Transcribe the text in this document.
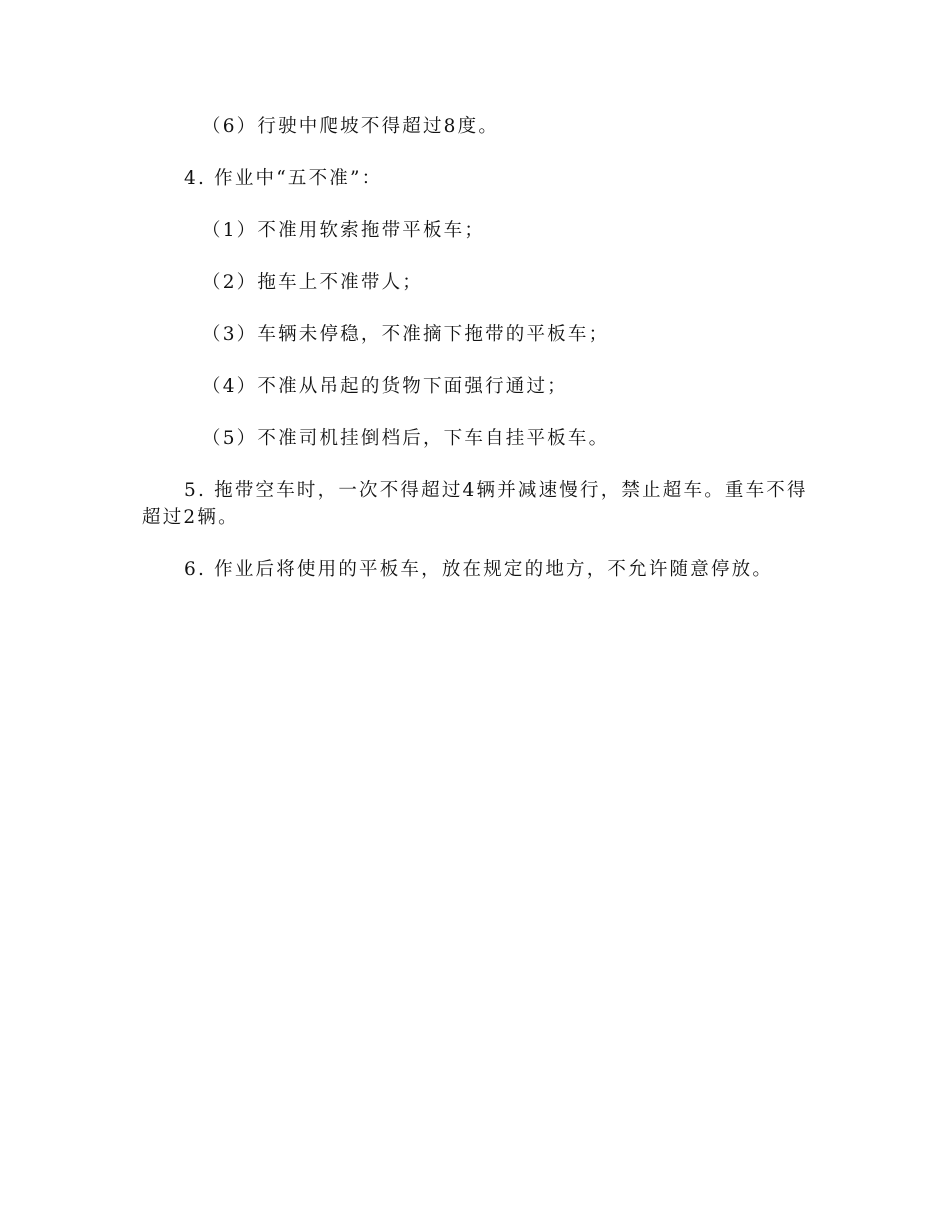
（6）行驶中爬坡不得超过8度。

4. 作业中“五不准”：

（1）不准用软索拖带平板车；

（2）拖车上不准带人；

（3）车辆未停稳，不准摘下拖带的平板车；

（4）不准从吊起的货物下面强行通过；

（5）不准司机挂倒档后，下车自挂平板车。

5. 拖带空车时，一次不得超过4辆并减速慢行，禁止超车。重车不得超过2辆。

6. 作业后将使用的平板车，放在规定的地方，不允许随意停放。
